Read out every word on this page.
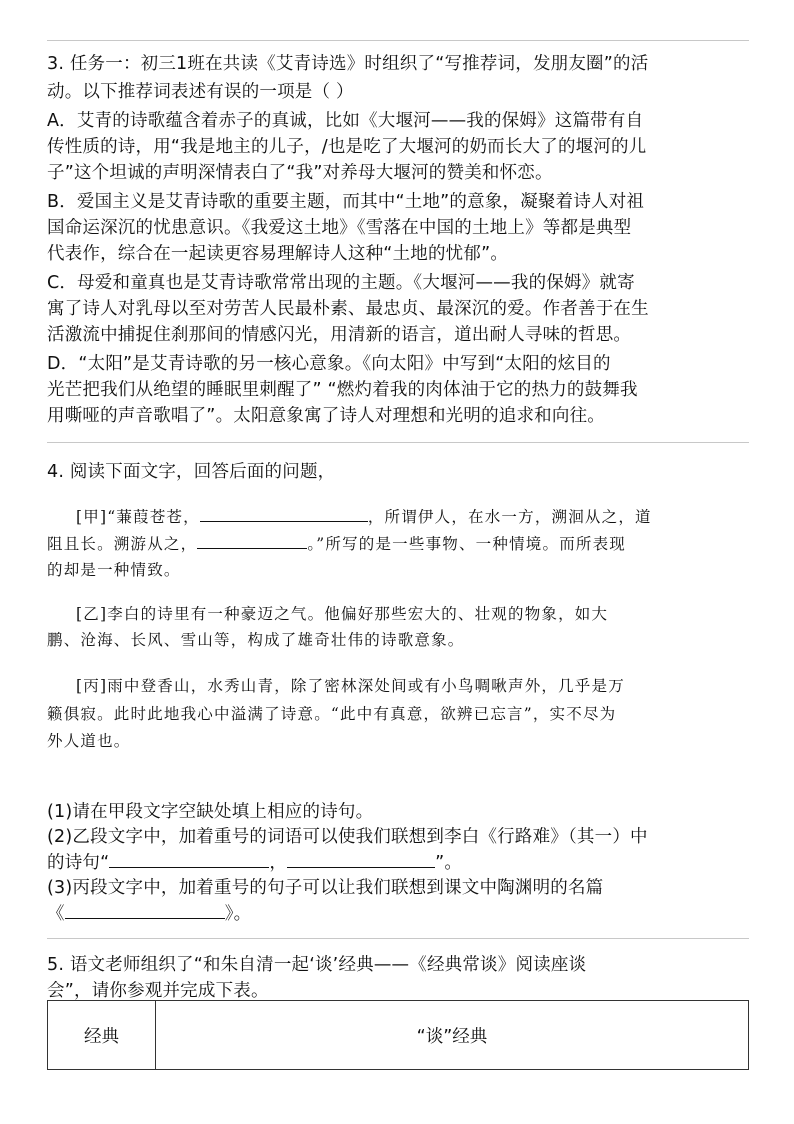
3. 任务一：初三1班在共读《艾青诗选》时组织了“写推荐词，发朋友圈”的活
动。以下推荐词表述有误的一项是（ ）
A．艾青的诗歌蕴含着赤子的真诚，比如《大堰河——我的保姆》这篇带有自
传性质的诗，用“我是地主的儿子，/也是吃了大堰河的奶而长大了的堰河的儿
子”这个坦诚的声明深情表白了“我”对养母大堰河的赞美和怀恋。
B．爱国主义是艾青诗歌的重要主题，而其中“土地”的意象，凝聚着诗人对祖
国命运深沉的忧患意识。《我爱这土地》《雪落在中国的土地上》等都是典型
代表作，综合在一起读更容易理解诗人这种“土地的忧郁”。
C．母爱和童真也是艾青诗歌常常出现的主题。《大堰河——我的保姆》就寄
寓了诗人对乳母以至对劳苦人民最朴素、最忠贞、最深沉的爱。作者善于在生
活激流中捕捉住刹那间的情感闪光，用清新的语言，道出耐人寻味的哲思。
D．“太阳”是艾青诗歌的另一核心意象。《向太阳》中写到“太阳的炫目的
光芒把我们从绝望的睡眠里刺醒了” “燃灼着我的肉体油于它的热力的鼓舞我
用嘶哑的声音歌唱了”。太阳意象寓了诗人对理想和光明的追求和向往。
4. 阅读下面文字，回答后面的问题，
[甲]“蒹葭苍苍，	，所谓伊人，在水一方，溯洄从之，道
阻且长。溯游从之，	。”所写的是一些事物、一种情境。而所表现
的却是一种情致。
[乙]李白的诗里有一种豪迈之气。他偏好那些宏大的、壮观的物象，如大
鹏、沧海、长风、雪山等，构成了雄奇壮伟的诗歌意象。
[丙]雨中登香山，水秀山青，除了密林深处间或有小鸟啁啾声外，几乎是万
籁俱寂。此时此地我心中溢满了诗意。“此中有真意，欲辨已忘言”，实不尽为
外人道也。
(1)请在甲段文字空缺处填上相应的诗句。
(2)乙段文字中，加着重号的词语可以使我们联想到李白《行路难》（其一）中
的诗句“	，	”。
(3)丙段文字中，加着重号的句子可以让我们联想到课文中陶渊明的名篇
《	》。
5. 语文老师组织了“和朱自清一起‘谈’经典——《经典常谈》阅读座谈
会”，请你参观并完成下表。
经典	“谈”经典
